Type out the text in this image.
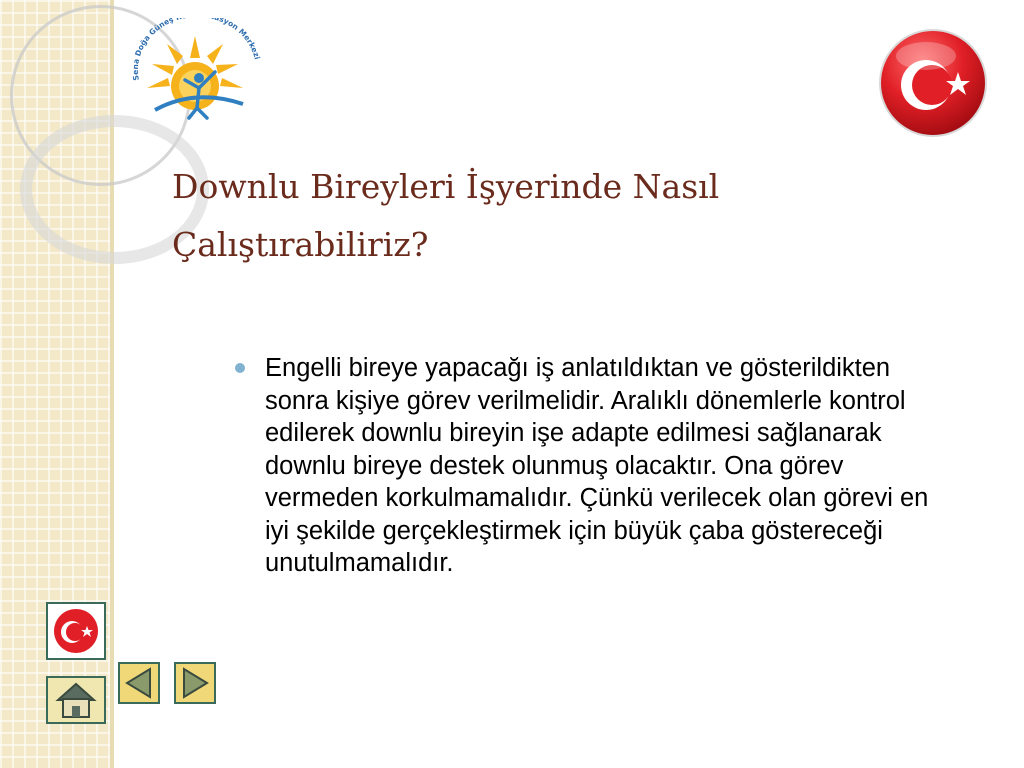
Sena Doğa Güneş syon Merkezi
Downlu Bireyleri İşyerinde Nasıl
Çalıştırabiliriz?

Engelli bireye yapacağı iş anlatıldıktan ve gösterildikten sonra kişiye görev verilmelidir. Aralıklı dönemlerle kontrol edilerek downlu bireyin işe adapte edilmesi sağlanarak downlu bireye destek olunmuş olacaktır. Ona görev vermeden korkulmamalıdır. Çünkü verilecek olan görevi en iyi şekilde gerçekleştirmek için büyük çaba göstereceği unutulmamalıdır.
